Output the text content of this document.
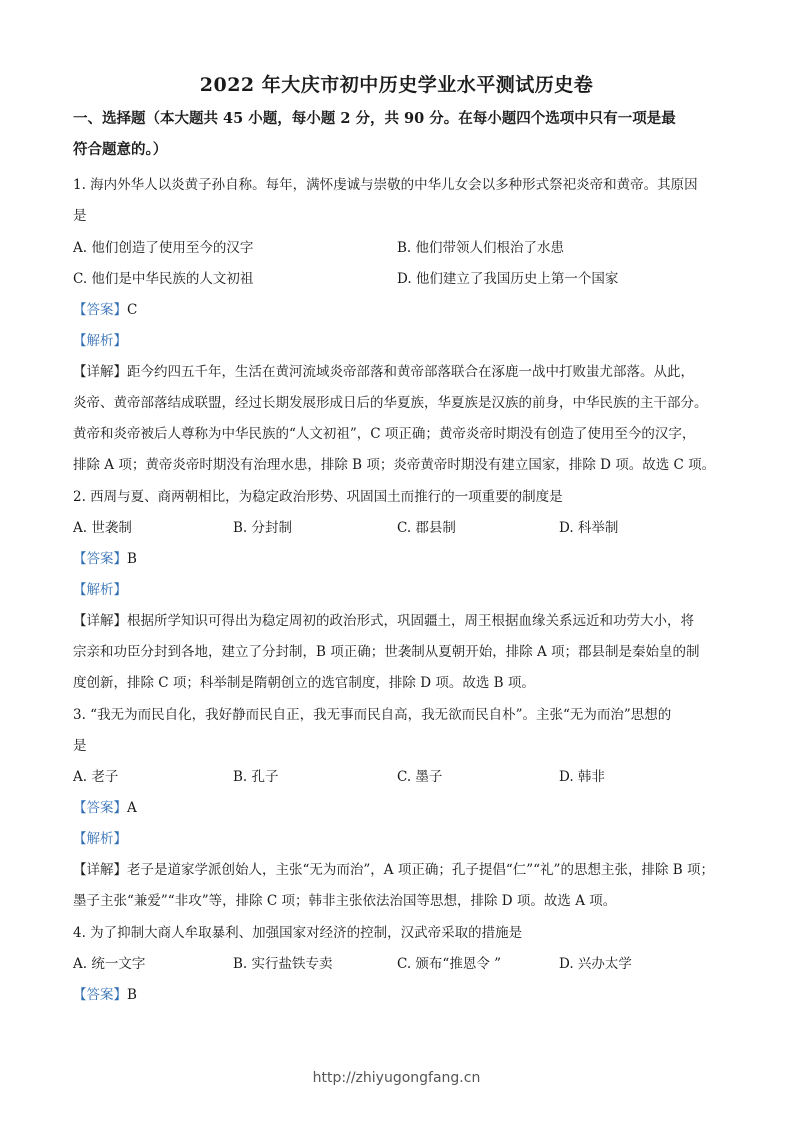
2022 年大庆市初中历史学业水平测试历史卷
一、选择题（本大题共 45 小题，每小题 2 分，共 90 分。在每小题四个选项中只有一项是最
符合题意的。）
1. 海内外华人以炎黄子孙自称。每年，满怀虔诚与崇敬的中华儿女会以多种形式祭祀炎帝和黄帝。其原因
是
A. 他们创造了使用至今的汉字	B. 他们带领人们根治了水患
C. 他们是中华民族的人文初祖	D. 他们建立了我国历史上第一个国家
【答案】C
【解析】
【详解】距今约四五千年，生活在黄河流域炎帝部落和黄帝部落联合在涿鹿一战中打败蚩尤部落。从此，
炎帝、黄帝部落结成联盟，经过长期发展形成日后的华夏族，华夏族是汉族的前身，中华民族的主干部分。
黄帝和炎帝被后人尊称为中华民族的“人文初祖”，C 项正确；黄帝炎帝时期没有创造了使用至今的汉字，
排除 A 项；黄帝炎帝时期没有治理水患，排除 B 项；炎帝黄帝时期没有建立国家，排除 D 项。故选 C 项。
2. 西周与夏、商两朝相比，为稳定政治形势、巩固国土而推行的一项重要的制度是
A. 世袭制	B. 分封制	C. 郡县制	D. 科举制
【答案】B
【解析】
【详解】根据所学知识可得出为稳定周初的政治形式，巩固疆土，周王根据血缘关系远近和功劳大小，将
宗亲和功臣分封到各地，建立了分封制，B 项正确；世袭制从夏朝开始，排除 A 项；郡县制是秦始皇的制
度创新，排除 C 项；科举制是隋朝创立的选官制度，排除 D 项。故选 B 项。
3. “我无为而民自化，我好静而民自正，我无事而民自高，我无欲而民自朴”。主张“无为而治”思想的
是
A. 老子	B. 孔子	C. 墨子	D. 韩非
【答案】A
【解析】
【详解】老子是道家学派创始人，主张“无为而治”，A 项正确；孔子提倡“仁”“礼”的思想主张，排除 B 项；
墨子主张“兼爱”“非攻”等，排除 C 项；韩非主张依法治国等思想，排除 D 项。故选 A 项。
4. 为了抑制大商人牟取暴利、加强国家对经济的控制，汉武帝采取的措施是
A. 统一文字	B. 实行盐铁专卖	C. 颁布“推恩令 ”	D. 兴办太学
【答案】B
http://zhiyugongfang.cn
